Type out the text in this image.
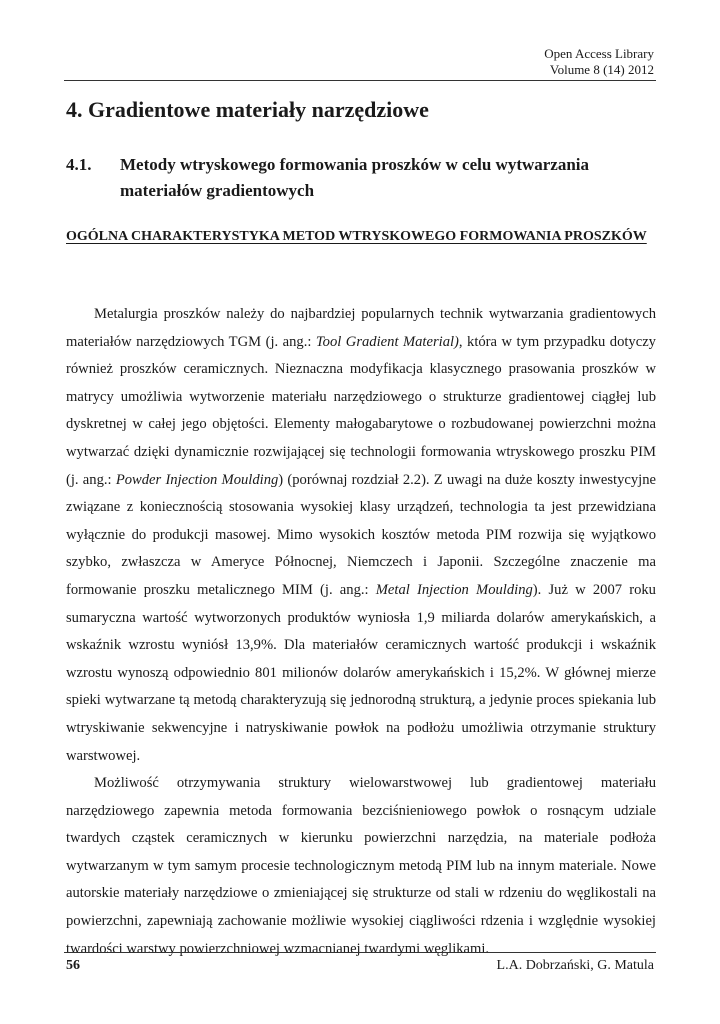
Open Access Library
Volume 8 (14) 2012
4. Gradientowe materiały narzędziowe
4.1.	Metody wtryskowego formowania proszków w celu wytwarzania materiałów gradientowych
OGÓLNA CHARAKTERYSTYKA METOD WTRYSKOWEGO FORMOWANIA PROSZKÓW

Metalurgia proszków należy do najbardziej popularnych technik wytwarzania gradientowych materiałów narzędziowych TGM (j. ang.: Tool Gradient Material), która w tym przypadku dotyczy również proszków ceramicznych. Nieznaczna modyfikacja klasycznego prasowania proszków w matrycy umożliwia wytworzenie materiału narzędziowego o strukturze gradientowej ciągłej lub dyskretnej w całej jego objętości. Elementy małogabarytowe o rozbudowanej powierzchni można wytwarzać dzięki dynamicznie rozwijającej się technologii formowania wtryskowego proszku PIM (j. ang.: Powder Injection Moulding) (porównaj rozdział 2.2). Z uwagi na duże koszty inwestycyjne związane z koniecznością stosowania wysokiej klasy urządzeń, technologia ta jest przewidziana wyłącznie do produkcji masowej. Mimo wysokich kosztów metoda PIM rozwija się wyjątkowo szybko, zwłaszcza w Ameryce Północnej, Niemczech i Japonii. Szczególne znaczenie ma formowanie proszku metalicznego MIM (j. ang.: Metal Injection Moulding). Już w 2007 roku sumaryczna wartość wytworzonych produktów wyniosła 1,9 miliarda dolarów amerykańskich, a wskaźnik wzrostu wyniósł 13,9%. Dla materiałów ceramicznych wartość produkcji i wskaźnik wzrostu wynoszą odpowiednio 801 milionów dolarów amerykańskich i 15,2%. W głównej mierze spieki wytwarzane tą metodą charakteryzują się jednorodną strukturą, a jedynie proces spiekania lub wtryskiwanie sekwencyjne i natryskiwanie powłok na podłożu umożliwia otrzymanie struktury warstwowej.

Możliwość otrzymywania struktury wielowarstwowej lub gradientowej materiału narzędziowego zapewnia metoda formowania bezciśnieniowego powłok o rosnącym udziale twardych cząstek ceramicznych w kierunku powierzchni narzędzia, na materiale podłoża wytwarzanym w tym samym procesie technologicznym metodą PIM lub na innym materiale. Nowe autorskie materiały narzędziowe o zmieniającej się strukturze od stali w rdzeniu do węglikostali na powierzchni, zapewniają zachowanie możliwie wysokiej ciągliwości rdzenia i względnie wysokiej twardości warstwy powierzchniowej wzmacnianej twardymi węglikami.

56	L.A. Dobrzański, G. Matula
